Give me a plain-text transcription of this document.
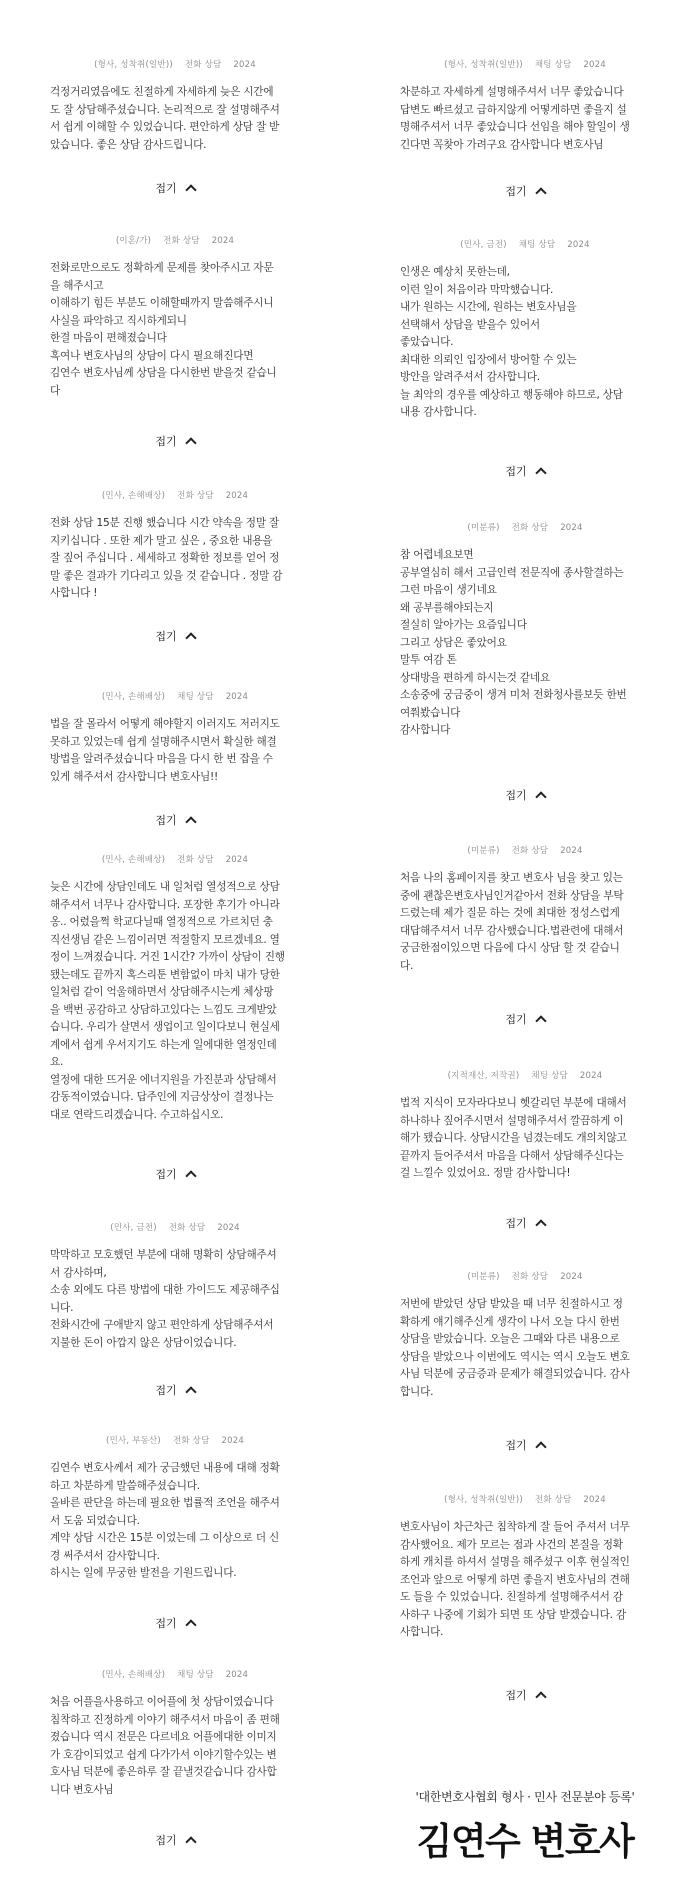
(형사, 성착취(일반)) 전화 상담 2024
걱정거리였음에도 친절하게 자세하게 늦은 시간에
도 잘 상담해주셨습니다. 논리적으로 잘 설명해주셔
서 쉽게 이해할 수 있었습니다. 편안하게 상담 잘 받
았습니다. 좋은 상담 감사드립니다.
접기
(이혼/가) 전화 상담 2024
전화로만으로도 정확하게 문제를 찾아주시고 자문
을 해주시고
이해하기 힘든 부분도 이해할때까지 말씀해주시니
사실을 파악하고 직시하게되니
한결 마음이 편해졌습니다
혹여나 변호사님의 상담이 다시 필요해진다면
김연수 변호사님께 상담을 다시한번 받을것 같습니
다
접기
(민사, 손해배상) 전화 상담 2024
전화 상담 15분 진행 했습니다 시간 약속을 정말 잘
지키십니다 . 또한 제가 말고 싶은 , 중요한 내용을
잘 짚어 주십니다 . 세세하고 정확한 정보를 얻어 정
말 좋은 결과가 기다리고 있을 것 같습니다 . 정말 감
사합니다 !
접기
(민사, 손해배상) 채팅 상담 2024
법을 잘 몰라서 어떻게 해야할지 이러지도 저러지도
못하고 있었는데 쉽게 설명해주시면서 확실한 해결
방법을 알려주셨습니다 마음을 다시 한 번 잡을 수
있게 해주셔서 감사합니다 변호사님!!
접기
(민사, 손해배상) 전화 상담 2024
늦은 시간에 상담인데도 내 일처럼 열성적으로 상담
해주셔서 너무나 감사합니다. 포장한 후기가 아니라
옹.. 어렸을쩍 학교다닐때 열정적으로 가르치던 충
직선생님 같은 느낌이러면 적절할지 모르겠네요. 열
정이 느껴졌습니다. 거진 1시간? 가까이 상담이 진행
됐는데도 끝까지 혹스리툰 변함없이 마치 내가 당한
일처럼 같이 억울해하면서 상담해주시는게 체상팡
을 백번 공감하고 상담하고있다는 느낌도 크게받았
습니다. 우리가 살면서 생업이고 일이다보니 현실세
계에서 쉽게 우서지기도 하는게 일에대한 열정인데
요.
열정에 대한 뜨거운 에너지원을 가진분과 상담해서
감동적이였습니다. 답주인에 지금상상이 결정나는
대로 연락드리겠습니다. 수고하십시오.
접기
(민사, 금전) 전화 상담 2024
막막하고 모호했던 부분에 대해 명확히 상담해주셔
서 감사하며,
소송 외에도 다른 방법에 대한 가이드도 제공해주십
니다.
전화시간에 구애받지 않고 편안하게 상담해주셔서
지불한 돈이 아깝지 않은 상담이었습니다.
접기
(민사, 부동산) 전화 상담 2024
김연수 변호사께서 제가 궁금했던 내용에 대해 정확
하고 차분하게 말씀해주셨습니다.
올바른 판단을 하는데 필요한 법률적 조언을 해주셔
서 도움 되었습니다.
계약 상담 시간은 15분 이었는데 그 이상으로 더 신
경 써주셔서 감사합니다.
하시는 일에 무궁한 발전을 기원드립니다.
접기
(민사, 손해배상) 채팅 상담 2024
처음 어플을사용하고 이어플에 첫 상담이였습니다
침착하고 진정하게 이야기 해주셔서 마음이 좀 편해
졌습니다 역시 전문은 다르네요 어플에대한 이미지
가 호감이되었고 쉽게 다가가서 이야기할수있는 변
호사님 덕분에 좋은하루 잘 끝낼것같습니다 감사합
니다 변호사님
접기
(형사, 성착취(일반)) 채팅 상담 2024
차분하고 자세하게 설명해주셔서 너무 좋았습니다
답변도 빠르셨고 급하지않게 어떻게하면 좋을지 설
명해주셔서 너무 좋았습니다 선임을 해야 할일이 생
긴다면 꼭찾아 가려구요 감사합니다 변호사님
접기
(민사, 금전) 채팅 상담 2024
인생은 예상치 못한는데,
이런 일이 처음이라 막막했습니다.
내가 원하는 시간에, 원하는 변호사님을
선택해서 상담을 받을수 있어서
좋았습니다.
최대한 의뢰인 입장에서 방어할 수 있는
방안을 알려주셔서 감사합니다.
늘 최악의 경우를 예상하고 행동해야 하므로, 상담
내용 감사합니다.
접기
(미분류) 전화 상담 2024
참 어렵네요보면
공부열심히 해서 고급인력 전문직에 종사할결하는
그런 마음이 생기네요
왜 공부를해야되는지
절실히 알아가는 요즘입니다
그리고 상담은 좋았어요
말투 여감 톤
상대방을 편하게 하시는것 같네요
소송중에 궁금중이 생겨 미처 전화청사를보듯 한번
여쭤봤습니다
감사합니다
접기
(미분류) 전화 상담 2024
처음 나의 홈페이지를 찾고 변호사 님을 찾고 있는
중에 괜찮은변호사님인거같아서 전화 상담을 부탁
드렸는데 제가 질문 하는 것에 최대한 정성스럽게
대답해주셔서 너무 감사했습니다.법관련에 대해서
궁금한점이있으면 다음에 다시 상담 할 것 같습니
다.
접기
(지적재산, 저작권) 채팅 상담 2024
법적 지식이 모자라다보니 헷갈리던 부분에 대해서
하나하나 짚어주시면서 설명해주셔서 깔끔하게 이
해가 됐습니다. 상담시간을 넘겼는데도 개의치않고
끝까지 들어주셔서 마음을 다해서 상담해주신다는
걸 느낄수 있었어요. 정말 감사합니다!
접기
(미분류) 전화 상담 2024
저번에 받았던 상담 받았을 때 너무 친절하시고 정
확하게 얘기해주신게 생각이 나서 오늘 다시 한번
상담을 받았습니다. 오늘은 그때와 다른 내용으로
상담을 받았으나 이번에도 역시는 역시 오늘도 변호
사님 덕분에 궁금증과 문제가 해결되었습니다. 감사
합니다.
접기
(형사, 성착취(일반)) 전화 상담 2024
변호사님이 차근차근 침착하게 잘 들어 주셔서 너무
감사했어요. 제가 모르는 점과 사건의 본질을 정확
하게 캐치를 하셔서 설명을 해주셨구 이후 현실적인
조언과 앞으로 어떻게 하면 좋을지 변호사님의 견해
도 들을 수 있었습니다. 친절하게 설명해주셔서 감
사하구 나중에 기회가 되면 또 상담 받겠습니다. 감
사합니다.
접기
'대한변호사협회 형사 · 민사 전문분야 등록'
김연수 변호사
